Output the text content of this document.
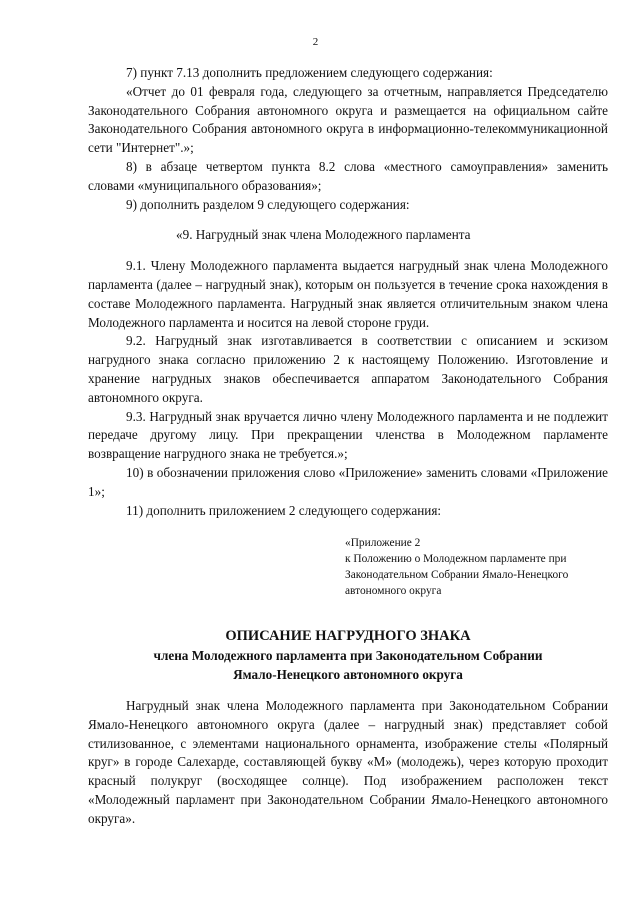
2

7) пункт 7.13 дополнить предложением следующего содержания:

«Отчет до 01 февраля года, следующего за отчетным, направляется Председателю Законодательного Собрания автономного округа и размещается на официальном сайте Законодательного Собрания автономного округа в информационно-телекоммуникационной сети "Интернет".»;

8) в абзаце четвертом пункта 8.2 слова «местного самоуправления» заменить словами «муниципального образования»;

9) дополнить разделом 9 следующего содержания:

«9. Нагрудный знак члена Молодежного парламента

9.1. Члену Молодежного парламента выдается нагрудный знак члена Молодежного парламента (далее – нагрудный знак), которым он пользуется в течение срока нахождения в составе Молодежного парламента. Нагрудный знак является отличительным знаком члена Молодежного парламента и носится на левой стороне груди.

9.2. Нагрудный знак изготавливается в соответствии с описанием и эскизом нагрудного знака согласно приложению 2 к настоящему Положению. Изготовление и хранение нагрудных знаков обеспечивается аппаратом Законодательного Собрания автономного округа.

9.3. Нагрудный знак вручается лично члену Молодежного парламента и не подлежит передаче другому лицу. При прекращении членства в Молодежном парламенте возвращение нагрудного знака не требуется.»;

10) в обозначении приложения слово «Приложение» заменить словами «Приложение 1»;

11) дополнить приложением 2 следующего содержания:

«Приложение 2
к Положению о Молодежном парламенте при
Законодательном Собрании Ямало-Ненецкого
автономного округа
ОПИСАНИЕ НАГРУДНОГО ЗНАКА
члена Молодежного парламента при Законодательном Собрании
Ямало-Ненецкого автономного округа

Нагрудный знак члена Молодежного парламента при Законодательном Собрании Ямало-Ненецкого автономного округа (далее – нагрудный знак) представляет собой стилизованное, с элементами национального орнамента, изображение стелы «Полярный круг» в городе Салехарде, составляющей букву «М» (молодежь), через которую проходит красный полукруг (восходящее солнце). Под изображением расположен текст «Молодежный парламент при Законодательном Собрании Ямало-Ненецкого автономного округа».
